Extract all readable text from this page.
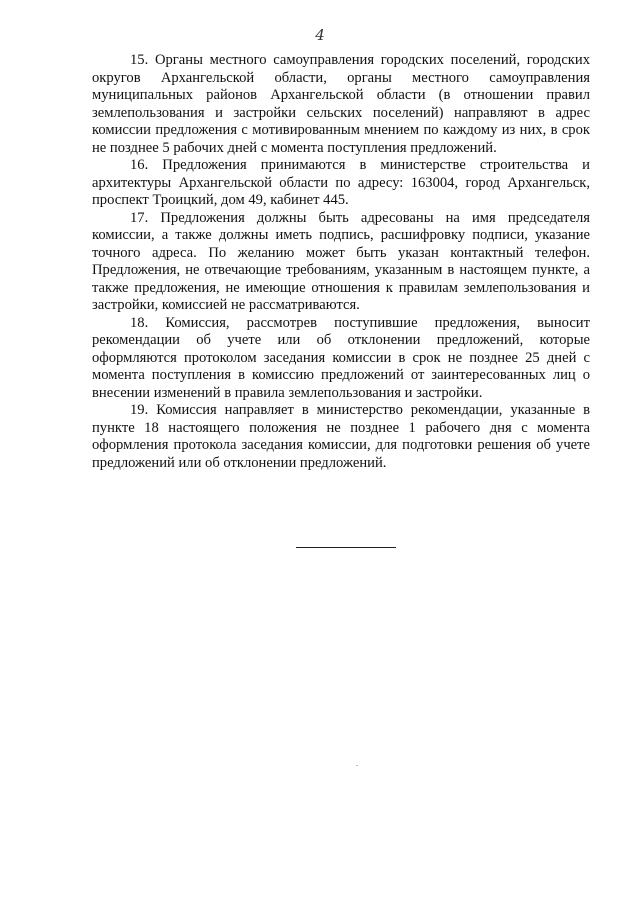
4

15. Органы местного самоуправления городских поселений, городских округов Архангельской области, органы местного самоуправления муниципальных районов Архангельской области (в отношении правил землепользования и застройки сельских поселений) направляют в адрес комиссии предложения с мотивированным мнением по каждому из них, в срок не позднее 5 рабочих дней с момента поступления предложений.

16. Предложения принимаются в министерстве строительства и архитектуры Архангельской области по адресу: 163004, город Архангельск, проспект Троицкий, дом 49, кабинет 445.

17. Предложения должны быть адресованы на имя председателя комиссии, а также должны иметь подпись, расшифровку подписи, указание точного адреса. По желанию может быть указан контактный телефон. Предложения, не отвечающие требованиям, указанным в настоящем пункте, а также предложения, не имеющие отношения к правилам землепользования и застройки, комиссией не рассматриваются.

18. Комиссия, рассмотрев поступившие предложения, выносит рекомендации об учете или об отклонении предложений, которые оформляются протоколом заседания комиссии в срок не позднее 25 дней с момента поступления в комиссию предложений от заинтересованных лиц о внесении изменений в правила землепользования и застройки.

19. Комиссия направляет в министерство рекомендации, указанные в пункте 18 настоящего положения не позднее 1 рабочего дня с момента оформления протокола заседания комиссии, для подготовки решения об учете предложений или об отклонении предложений.
